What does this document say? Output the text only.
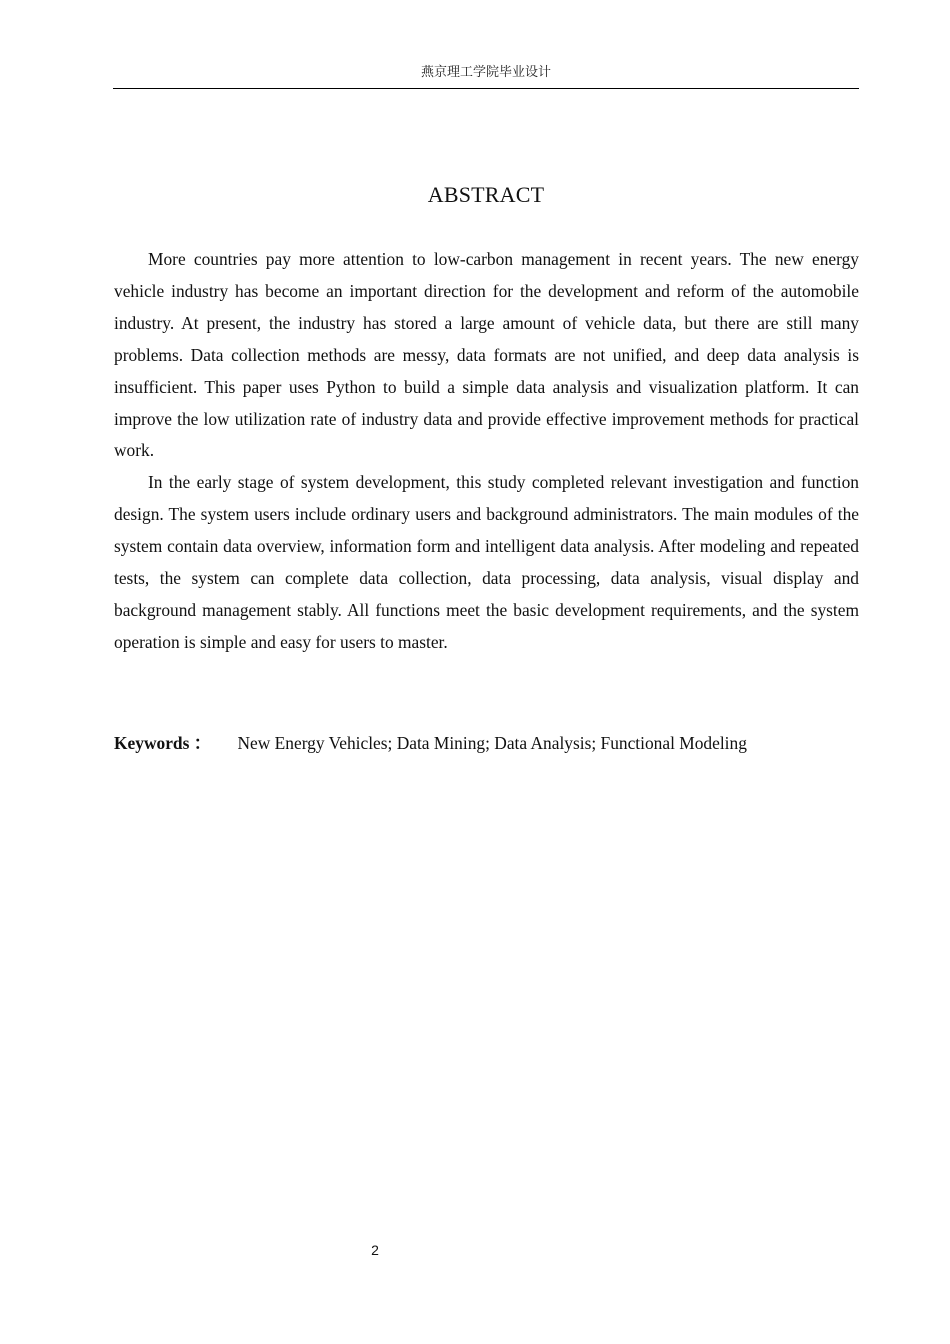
燕京理工学院毕业设计
ABSTRACT

More countries pay more attention to low-carbon management in recent years. The new energy vehicle industry has become an important direction for the development and reform of the automobile industry. At present, the industry has stored a large amount of vehicle data, but there are still many problems. Data collection methods are messy, data formats are not unified, and deep data analysis is insufficient. This paper uses Python to build a simple data analysis and visualization platform. It can improve the low utilization rate of industry data and provide effective improvement methods for practical work.

In the early stage of system development, this study completed relevant investigation and function design. The system users include ordinary users and background administrators. The main modules of the system contain data overview, information form and intelligent data analysis. After modeling and repeated tests, the system can complete data collection, data processing, data analysis, visual display and background management stably. All functions meet the basic development requirements, and the system operation is simple and easy for users to master.

Keywords ： New Energy Vehicles; Data Mining; Data Analysis; Functional Modeling
2
